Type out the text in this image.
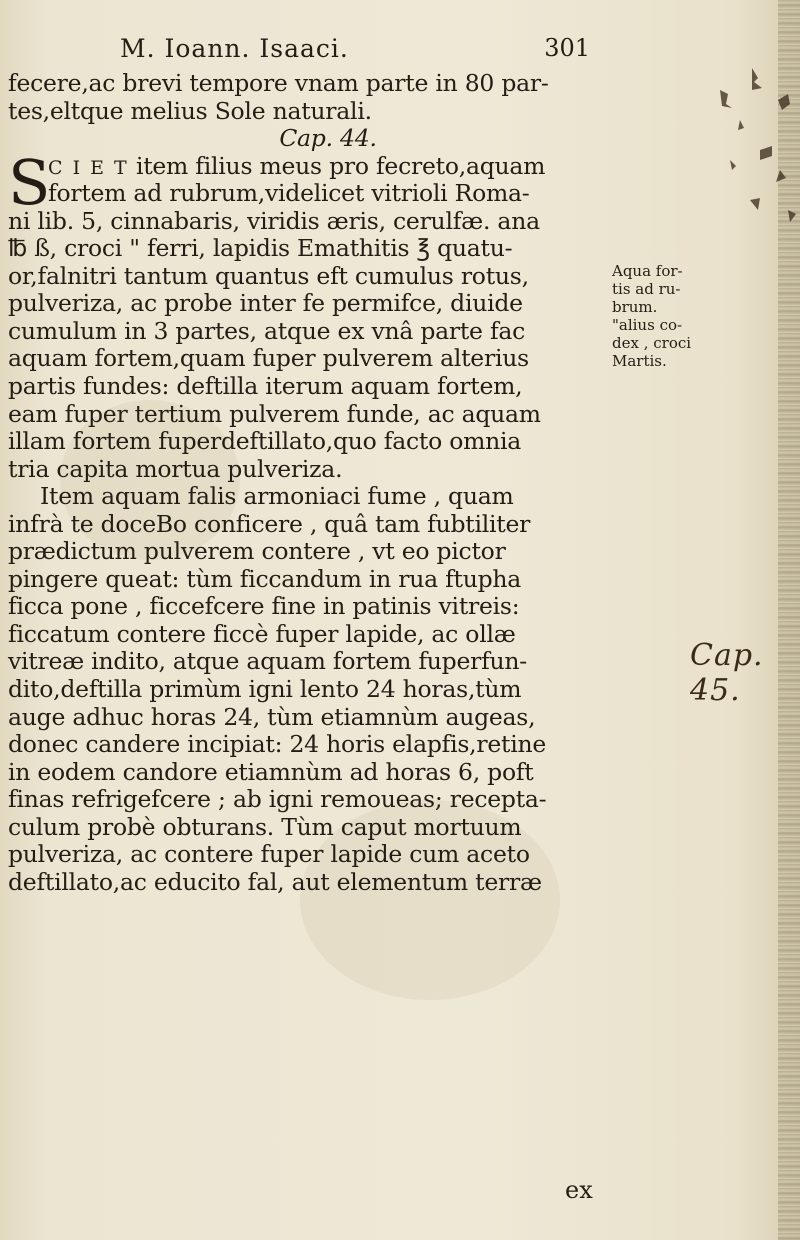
M. Ioann. Isaaci.	301
fecere,ac brevi tempore vnam parte in 80 par-
tes,eltque melius Sole naturali.
Cap. 44.
S
C I E T item filius meus pro fecreto,aquam
fortem ad rubrum,videlicet vitrioli Roma-
ni lib. 5, cinnabaris, viridis æris, cerulfæ. ana
℔ ß, croci " ferri, lapidis Emathitis ℥ quatu-
or,falnitri tantum quantus eft cumulus rotus,
pulveriza, ac probe inter fe permifce, diuide
cumulum in 3 partes, atque ex vnâ parte fac
aquam fortem,quam fuper pulverem alterius
partis fundes: deftilla iterum aquam fortem,
eam fuper tertium pulverem funde, ac aquam
illam fortem fuperdeftillato,quo facto omnia
tria capita mortua pulveriza.
Item aquam falis armoniaci fume , quam
infrà te doceBo conficere , quâ tam fubtiliter
prædictum pulverem contere , vt eo pictor
pingere queat: tùm ficcandum in rua ftupha
ficca pone , ficcefcere fine in patinis vitreis:
ficcatum contere ficcè fuper lapide, ac ollæ
vitreæ indito, atque aquam fortem fuperfun-
dito,deftilla primùm igni lento 24 horas,tùm
auge adhuc horas 24, tùm etiamnùm augeas,
donec candere incipiat: 24 horis elapfis,retine
in eodem candore etiamnùm ad horas 6, poft
finas refrigefcere ; ab igni remoueas; recepta-
culum probè obturans. Tùm caput mortuum
pulveriza, ac contere fuper lapide cum aceto
deftillato,ac educito fal, aut elementum terræ
Aqua for-
tis ad ru-
brum.
"alius co-
dex , croci
Martis.
Cap. 45.
ex
